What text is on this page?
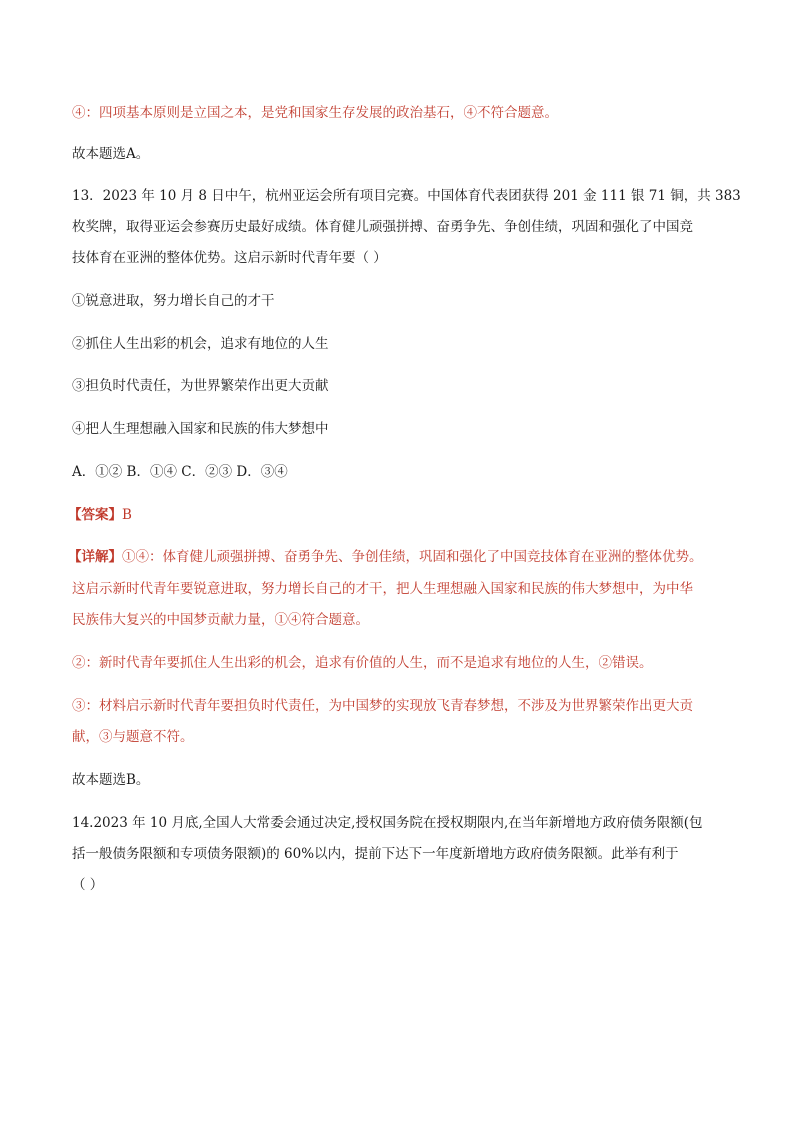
④：四项基本原则是立国之本，是党和国家生存发展的政治基石，④不符合题意。
故本题选A。
13．2023 年 10 月 8 日中午，杭州亚运会所有项目完赛。中国体育代表团获得 201 金 111 银 71 铜，共 383
枚奖牌，取得亚运会参赛历史最好成绩。体育健儿顽强拼搏、奋勇争先、争创佳绩，巩固和强化了中国竞
技体育在亚洲的整体优势。这启示新时代青年要（ ）
①锐意进取，努力增长自己的才干
②抓住人生出彩的机会，追求有地位的人生
③担负时代责任，为世界繁荣作出更大贡献
④把人生理想融入国家和民族的伟大梦想中
A．①② B．①④ C．②③ D．③④
【答案】B
【详解】①④：体育健儿顽强拼搏、奋勇争先、争创佳绩，巩固和强化了中国竞技体育在亚洲的整体优势。
这启示新时代青年要锐意进取，努力增长自己的才干，把人生理想融入国家和民族的伟大梦想中，为中华
民族伟大复兴的中国梦贡献力量，①④符合题意。
②：新时代青年要抓住人生出彩的机会，追求有价值的人生，而不是追求有地位的人生，②错误。
③：材料启示新时代青年要担负时代责任，为中国梦的实现放飞青春梦想，不涉及为世界繁荣作出更大贡
献，③与题意不符。
故本题选B。
14.2023 年 10 月底,全国人大常委会通过决定,授权国务院在授权期限内,在当年新增地方政府债务限额(包
括一般债务限额和专项债务限额)的 60%以内，提前下达下一年度新增地方政府债务限额。此举有利于
（ ）
